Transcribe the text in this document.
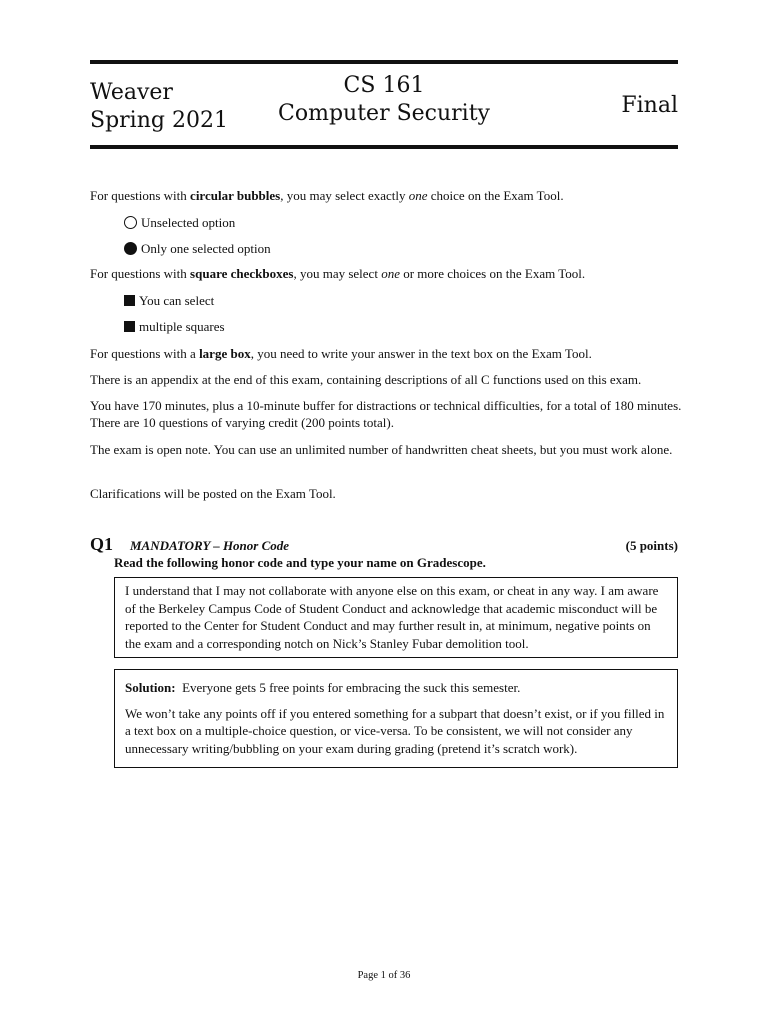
Weaver
Spring 2021
CS 161
Computer Security	Final
For questions with circular bubbles, you may select exactly one choice on the Exam Tool.
Unselected option
Only one selected option
For questions with square checkboxes, you may select one or more choices on the Exam Tool.
You can select
multiple squares
For questions with a large box, you need to write your answer in the text box on the Exam Tool.
There is an appendix at the end of this exam, containing descriptions of all C functions used on this exam.
You have 170 minutes, plus a 10-minute buffer for distractions or technical difficulties, for a total of 180 minutes. There are 10 questions of varying credit (200 points total).
The exam is open note. You can use an unlimited number of handwritten cheat sheets, but you must work alone.
Clarifications will be posted on the Exam Tool.
Q1 MANDATORY – Honor Code	(5 points)
Read the following honor code and type your name on Gradescope.
I understand that I may not collaborate with anyone else on this exam, or cheat in any way. I am aware of the Berkeley Campus Code of Student Conduct and acknowledge that academic misconduct will be reported to the Center for Student Conduct and may further result in, at minimum, negative points on the exam and a corresponding notch on Nick’s Stanley Fubar demolition tool.

Solution: Everyone gets 5 free points for embracing the suck this semester.

We won’t take any points off if you entered something for a subpart that doesn’t exist, or if you filled in a text box on a multiple-choice question, or vice-versa. To be consistent, we will not consider any unnecessary writing/bubbling on your exam during grading (pretend it’s scratch work).

Page 1 of 36
